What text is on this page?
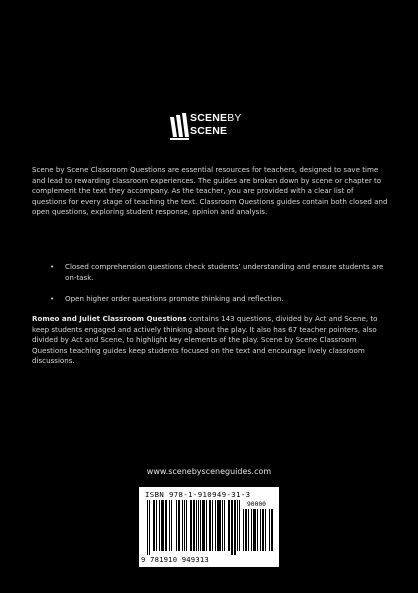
SCENEBY
SCENE
Scene by Scene Classroom Questions are essential resources for teachers, designed to save time and lead to rewarding classroom experiences. The guides are broken down by scene or chapter to complement the text they accompany. As the teacher, you are provided with a clear list of questions for every stage of teaching the text. Classroom Questions guides contain both closed and open questions, exploring student response, opinion and analysis.
• Closed comprehension questions check students’ understanding and ensure students are on-task.
• Open higher order questions promote thinking and reflection.
Romeo and Juliet Classroom Questions contains 143 questions, divided by Act and Scene, to keep students engaged and actively thinking about the play. It also has 67 teacher pointers, also divided by Act and Scene, to highlight key elements of the play. Scene by Scene Classroom Questions teaching guides keep students focused on the text and encourage lively classroom discussions.
www.scenebysceneguides.com
ISBN 978-1-910949-31-3
90000
9 781910 949313
